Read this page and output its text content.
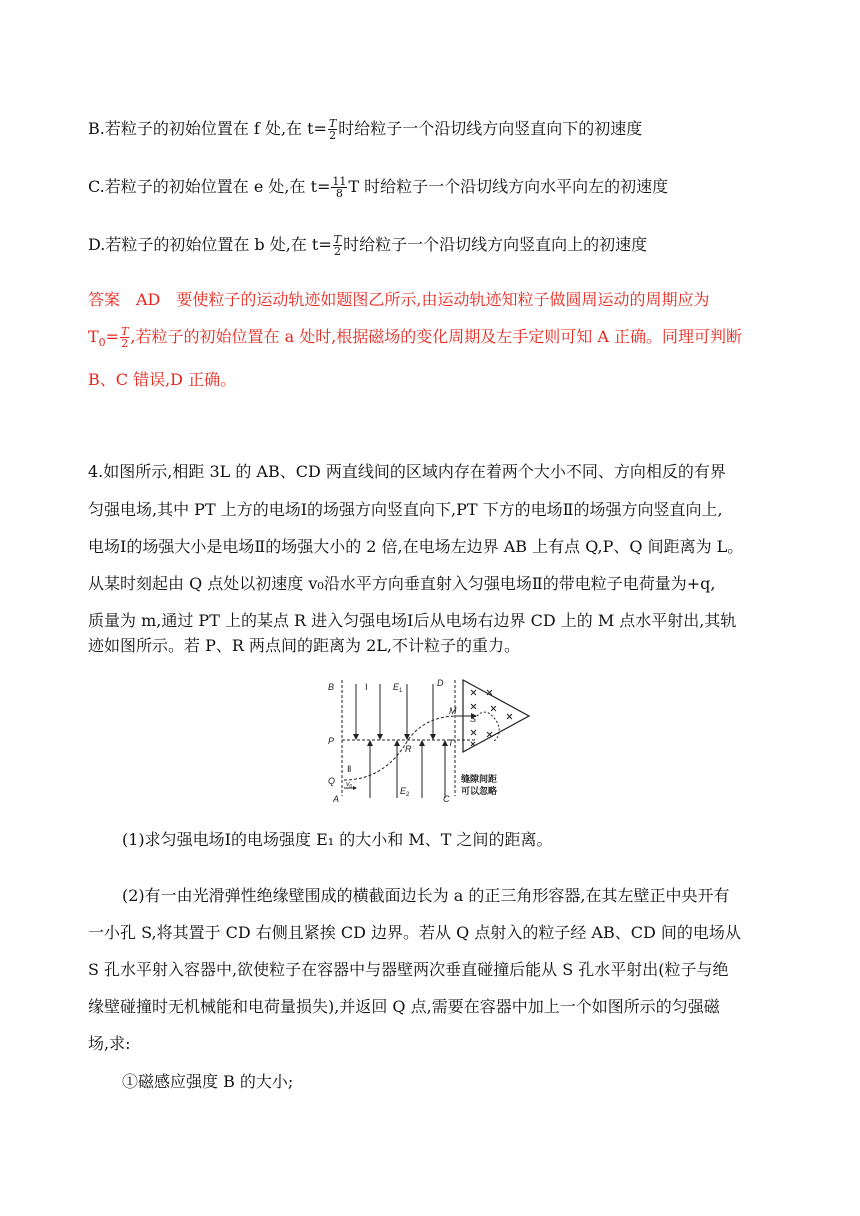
B.若粒子的初始位置在 f 处,在 $t= \frac{T}{2}$ 时给粒子一个沿切线方向竖直向下的初速度
C.若粒子的初始位置在 e 处,在 $t= \frac{11}{8}$ T 时给粒子一个沿切线方向水平向左的初速度
D.若粒子的初始位置在 b 处,在 $t= \frac{T}{2}$ 时给粒子一个沿切线方向竖直向上的初速度
答案　AD　要使粒子的运动轨迹如题图乙所示,由运动轨迹知粒子做圆周运动的周期应为
$T_0= \frac{T}{2}$ ,若粒子的初始位置在 a 处时,根据磁场的变化周期及左手定则可知 A 正确。同理可判断
B、C 错误,D 正确。
4.如图所示,相距 3L 的 AB、CD 两直线间的区域内存在着两个大小不同、方向相反的有界
匀强电场,其中 PT 上方的电场Ⅰ的场强方向竖直向下,PT 下方的电场Ⅱ的场强方向竖直向上,
电场Ⅰ的场强大小是电场Ⅱ的场强大小的 2 倍,在电场左边界 AB 上有点 Q,P、Q 间距离为 L。
从某时刻起由 Q 点处以初速度 v₀沿水平方向垂直射入匀强电场Ⅱ的带电粒子电荷量为+q,
质量为 m,通过 PT 上的某点 R 进入匀强电场Ⅰ后从电场右边界 CD 上的 M 点水平射出,其轨
迹如图所示。若 P、R 两点间的距离为 2L,不计粒子的重力。
B
P
Q
A
D
C
T
M
S
R
Ⅰ
Ⅱ
$E_1$
$E_2$
$v_0$
缝隙间距
可以忽略
(1)求匀强电场Ⅰ的电场强度 E₁ 的大小和 M、T 之间的距离。
(2)有一由光滑弹性绝缘壁围成的横截面边长为 a 的正三角形容器,在其左壁正中央开有
一小孔 S,将其置于 CD 右侧且紧挨 CD 边界。若从 Q 点射入的粒子经 AB、CD 间的电场从
S 孔水平射入容器中,欲使粒子在容器中与器壁两次垂直碰撞后能从 S 孔水平射出(粒子与绝
缘壁碰撞时无机械能和电荷量损失),并返回 Q 点,需要在容器中加上一个如图所示的匀强磁
场,求:
①磁感应强度 B 的大小;
